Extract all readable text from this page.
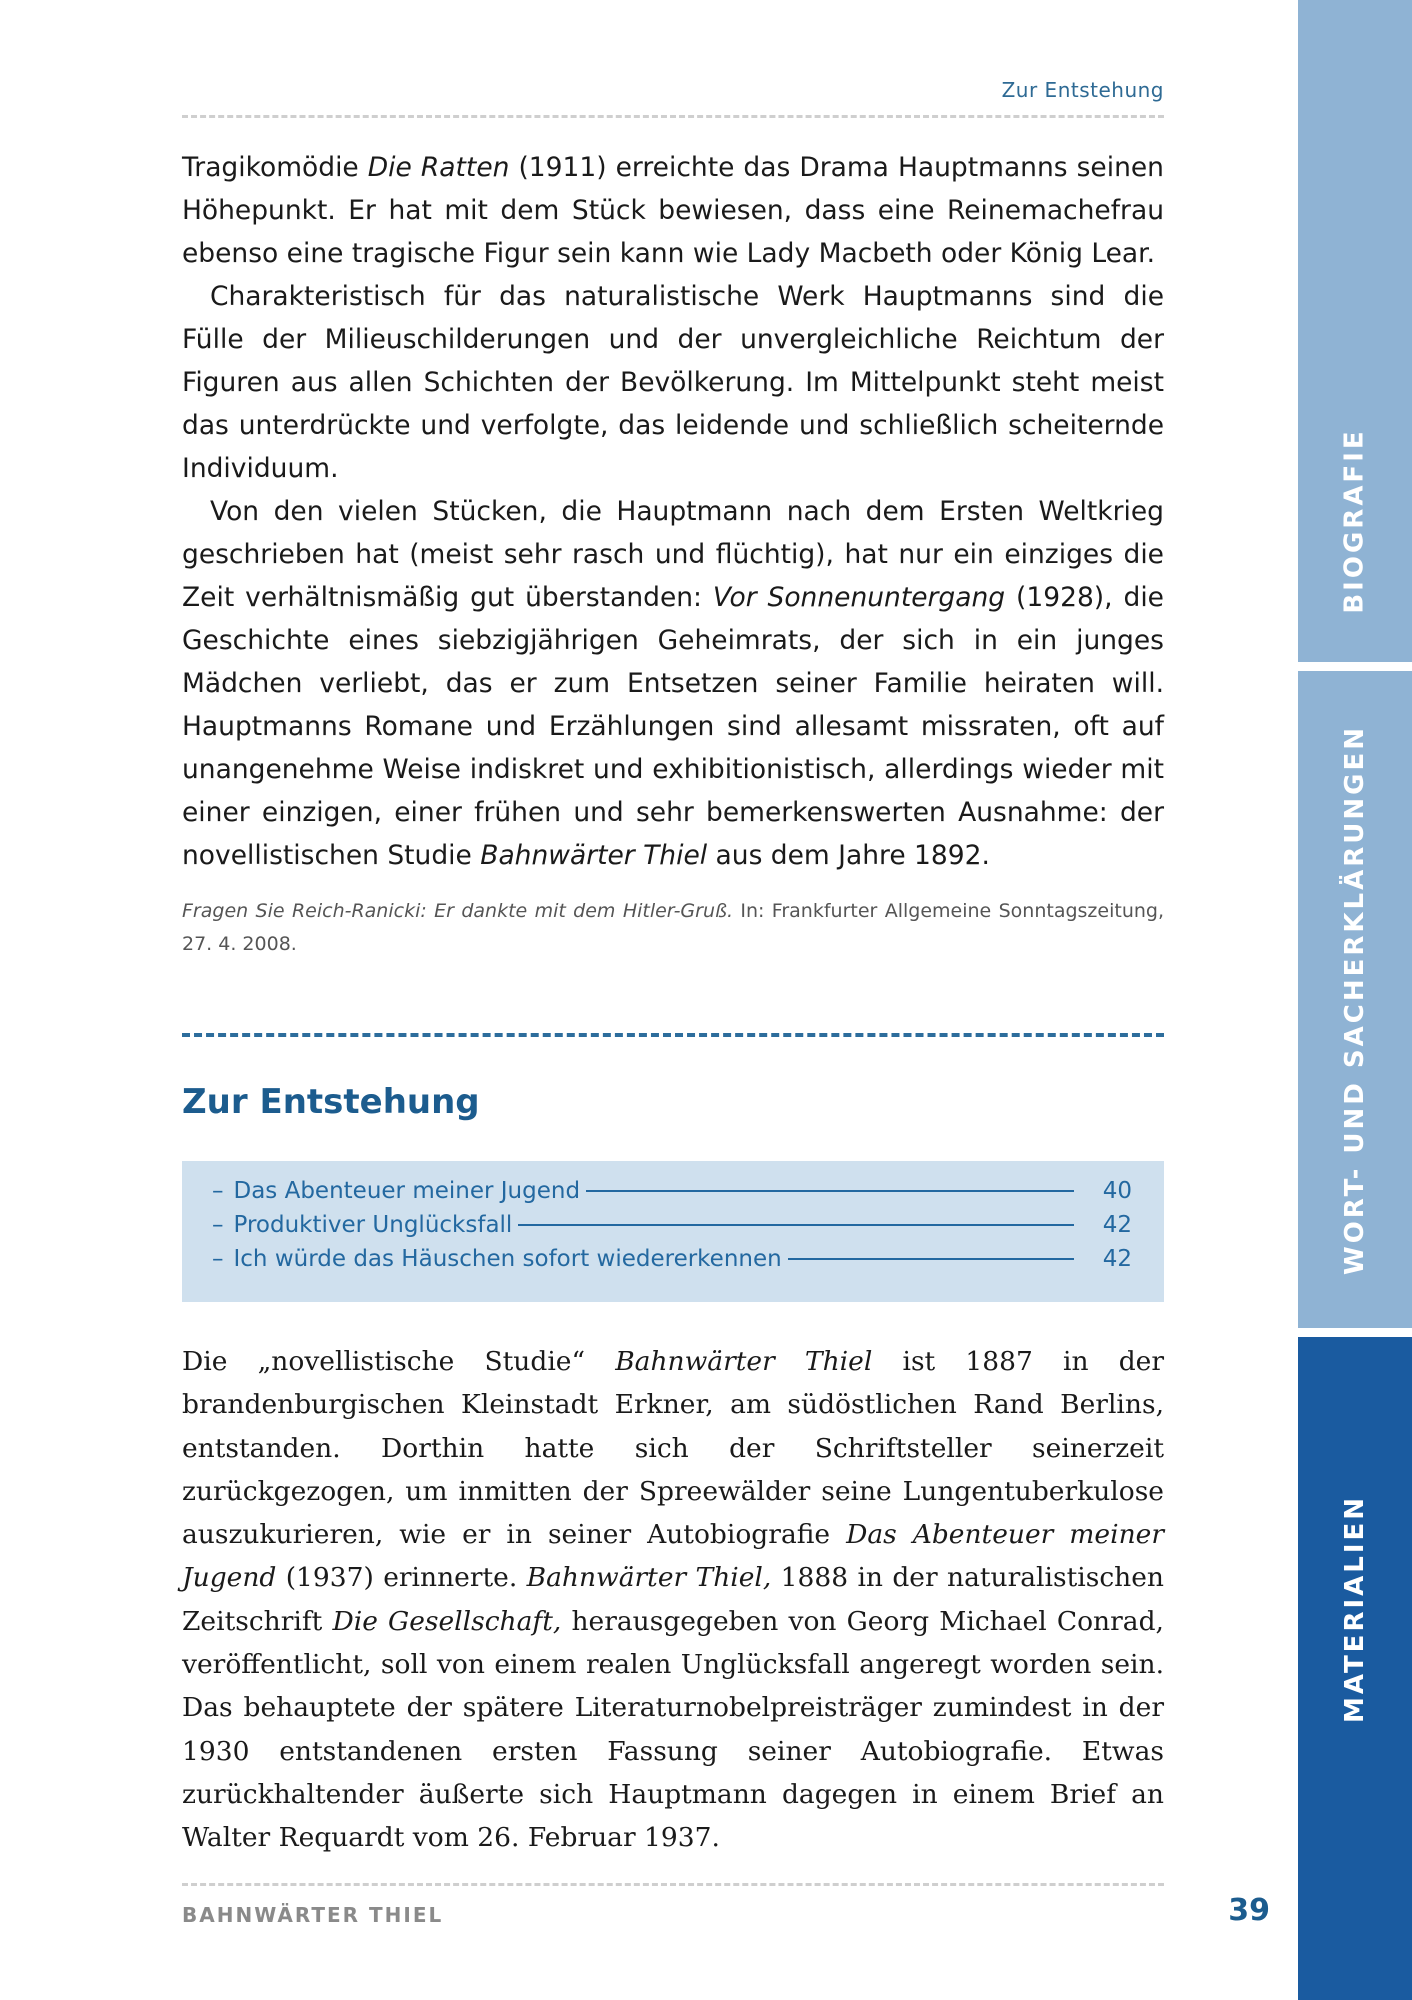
Zur Entstehung

Tragikomödie Die Ratten (1911) erreichte das Drama Hauptmanns seinen Höhepunkt. Er hat mit dem Stück bewiesen, dass eine Reinemachefrau ebenso eine tragische Figur sein kann wie Lady Macbeth oder König Lear.

Charakteristisch für das naturalistische Werk Hauptmanns sind die Fülle der Milieuschilderungen und der unvergleichliche Reichtum der Figuren aus allen Schichten der Bevölkerung. Im Mittelpunkt steht meist das unterdrückte und verfolgte, das leidende und schließlich scheiternde Individuum.

Von den vielen Stücken, die Hauptmann nach dem Ersten Weltkrieg geschrieben hat (meist sehr rasch und flüchtig), hat nur ein einziges die Zeit verhältnismäßig gut überstanden: Vor Sonnenuntergang (1928), die Geschichte eines siebzigjährigen Geheimrats, der sich in ein junges Mädchen verliebt, das er zum Entsetzen seiner Familie heiraten will. Hauptmanns Romane und Erzählungen sind allesamt missraten, oft auf unangenehme Weise indiskret und exhibitionistisch, allerdings wieder mit einer einzigen, einer frühen und sehr bemerkenswerten Ausnahme: der novellistischen Studie Bahnwärter Thiel aus dem Jahre 1892.

Fragen Sie Reich-Ranicki: Er dankte mit dem Hitler-Gruß. In: Frankfurter Allgemeine Sonntagszeitung, 27. 4. 2008.
Zur Entstehung
– Das Abenteuer meiner Jugend	40
– Produktiver Unglücksfall	42
– Ich würde das Häuschen sofort wiedererkennen	42

Die „novellistische Studie“ Bahnwärter Thiel ist 1887 in der brandenburgischen Kleinstadt Erkner, am südöstlichen Rand Berlins, entstanden. Dorthin hatte sich der Schriftsteller seinerzeit zurückgezogen, um inmitten der Spreewälder seine Lungentuberkulose auszukurieren, wie er in seiner Autobiografie Das Abenteuer meiner Jugend (1937) erinnerte. Bahnwärter Thiel, 1888 in der naturalistischen Zeitschrift Die Gesellschaft, herausgegeben von Georg Michael Conrad, veröffentlicht, soll von einem realen Unglücksfall angeregt worden sein. Das behauptete der spätere Literaturnobelpreisträger zumindest in der 1930 entstandenen ersten Fassung seiner Autobiografie. Etwas zurückhaltender äußerte sich Hauptmann dagegen in einem Brief an Walter Requardt vom 26. Februar 1937.

BAHNWÄRTER THIEL	39
BIOGRAFIE
WORT- UND SACHERKLÄRUNGEN
MATERIALIEN
